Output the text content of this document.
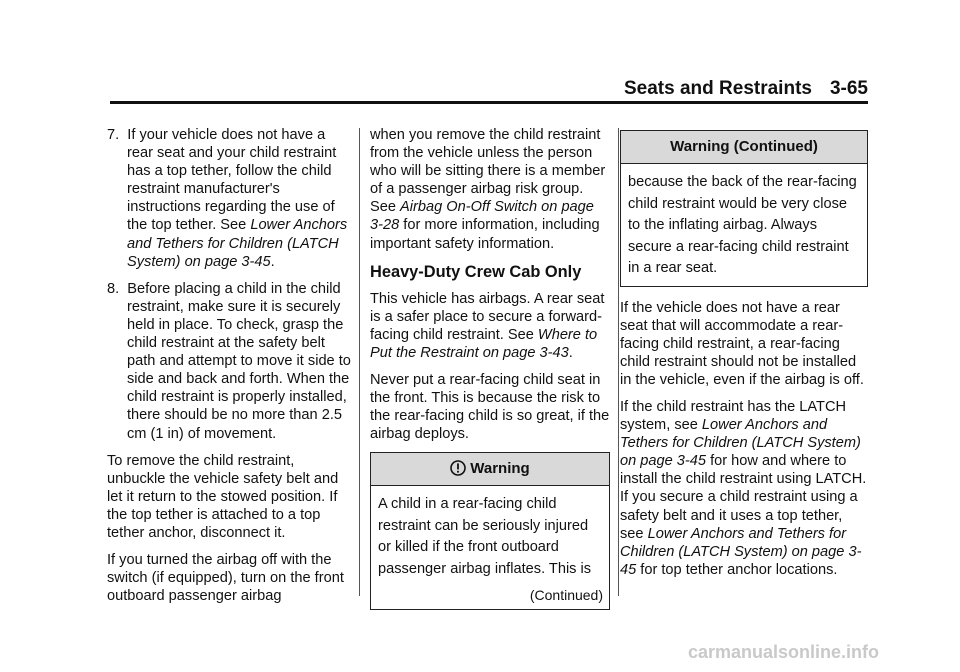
Seats and Restraints 3-65
7. If your vehicle does not have a rear seat and your child restraint has a top tether, follow the child restraint manufacturer's instructions regarding the use of the top tether. See Lower Anchors and Tethers for Children (LATCH System) on page 3-45.
8. Before placing a child in the child restraint, make sure it is securely held in place. To check, grasp the child restraint at the safety belt path and attempt to move it side to side and back and forth. When the child restraint is properly installed, there should be no more than 2.5 cm (1 in) of movement.

To remove the child restraint, unbuckle the vehicle safety belt and let it return to the stowed position. If the top tether is attached to a top tether anchor, disconnect it.

If you turned the airbag off with the switch (if equipped), turn on the front outboard passenger airbag

when you remove the child restraint from the vehicle unless the person who will be sitting there is a member of a passenger airbag risk group. See Airbag On-Off Switch on page 3-28 for more information, including important safety information.

Heavy-Duty Crew Cab Only

This vehicle has airbags. A rear seat is a safer place to secure a forward-facing child restraint. See Where to Put the Restraint on page 3-43.

Never put a rear-facing child seat in the front. This is because the risk to the rear-facing child is so great, if the airbag deploys.

Warning
A child in a rear-facing child restraint can be seriously injured or killed if the front outboard passenger airbag inflates. This is
(Continued)
Warning (Continued)
because the back of the rear-facing child restraint would be very close to the inflating airbag. Always secure a rear-facing child restraint in a rear seat.

If the vehicle does not have a rear seat that will accommodate a rear-facing child restraint, a rear-facing child restraint should not be installed in the vehicle, even if the airbag is off.

If the child restraint has the LATCH system, see Lower Anchors and Tethers for Children (LATCH System) on page 3-45 for how and where to install the child restraint using LATCH. If you secure a child restraint using a safety belt and it uses a top tether, see Lower Anchors and Tethers for Children (LATCH System) on page 3-45 for top tether anchor locations.

carmanualsonline.info
